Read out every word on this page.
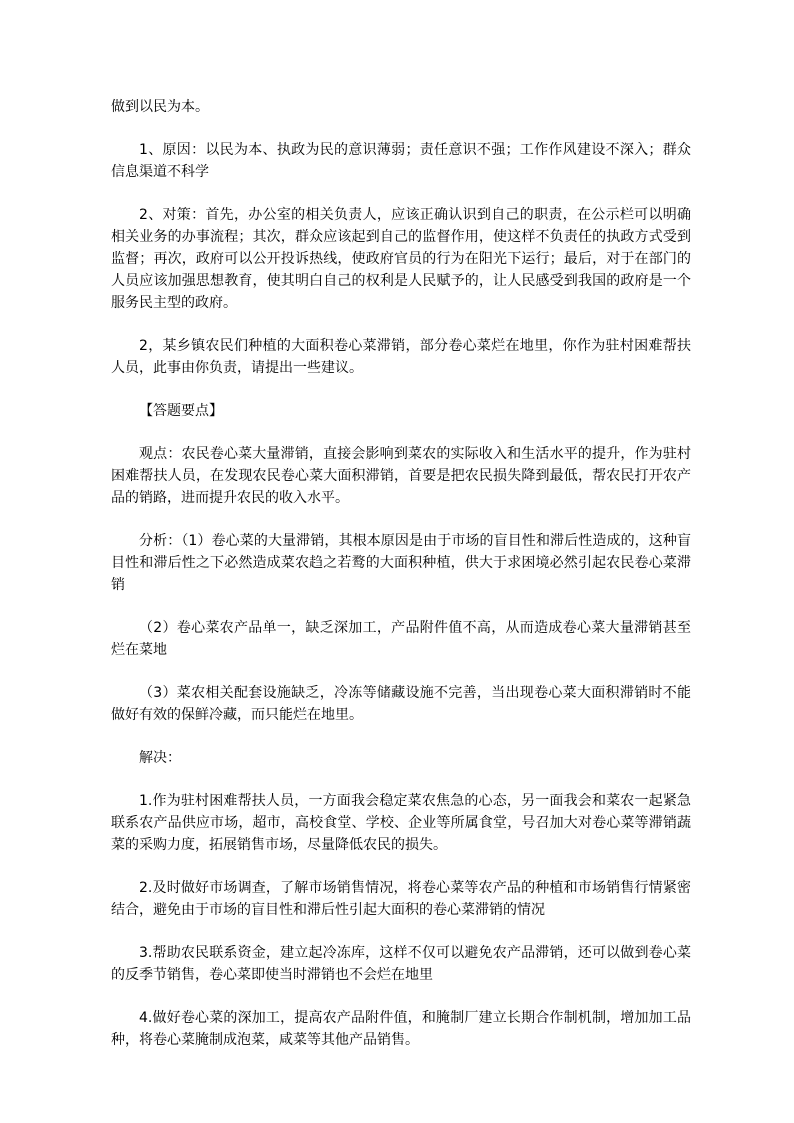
做到以民为本。

1、原因：以民为本、执政为民的意识薄弱；责任意识不强；工作作风建设不深入；群众信息渠道不科学

2、对策：首先，办公室的相关负责人，应该正确认识到自己的职责，在公示栏可以明确相关业务的办事流程；其次，群众应该起到自己的监督作用，使这样不负责任的执政方式受到监督；再次，政府可以公开投诉热线，使政府官员的行为在阳光下运行；最后，对于在部门的人员应该加强思想教育，使其明白自己的权利是人民赋予的，让人民感受到我国的政府是一个服务民主型的政府。

2，某乡镇农民们种植的大面积卷心菜滞销，部分卷心菜烂在地里，你作为驻村困难帮扶人员，此事由你负责，请提出一些建议。

【答题要点】

观点：农民卷心菜大量滞销，直接会影响到菜农的实际收入和生活水平的提升，作为驻村困难帮扶人员，在发现农民卷心菜大面积滞销，首要是把农民损失降到最低，帮农民打开农产品的销路，进而提升农民的收入水平。

分析：（1）卷心菜的大量滞销，其根本原因是由于市场的盲目性和滞后性造成的，这种盲目性和滞后性之下必然造成菜农趋之若鹜的大面积种植，供大于求困境必然引起农民卷心菜滞销

（2）卷心菜农产品单一，缺乏深加工，产品附件值不高，从而造成卷心菜大量滞销甚至烂在菜地

（3）菜农相关配套设施缺乏，冷冻等储藏设施不完善，当出现卷心菜大面积滞销时不能做好有效的保鲜冷藏，而只能烂在地里。

解决：

1.作为驻村困难帮扶人员，一方面我会稳定菜农焦急的心态，另一面我会和菜农一起紧急联系农产品供应市场，超市，高校食堂、学校、企业等所属食堂，号召加大对卷心菜等滞销蔬菜的采购力度，拓展销售市场，尽量降低农民的损失。

2.及时做好市场调查，了解市场销售情况，将卷心菜等农产品的种植和市场销售行情紧密结合，避免由于市场的盲目性和滞后性引起大面积的卷心菜滞销的情况

3.帮助农民联系资金，建立起冷冻库，这样不仅可以避免农产品滞销，还可以做到卷心菜的反季节销售，卷心菜即使当时滞销也不会烂在地里

4.做好卷心菜的深加工，提高农产品附件值，和腌制厂建立长期合作制机制，增加加工品种，将卷心菜腌制成泡菜，咸菜等其他产品销售。
